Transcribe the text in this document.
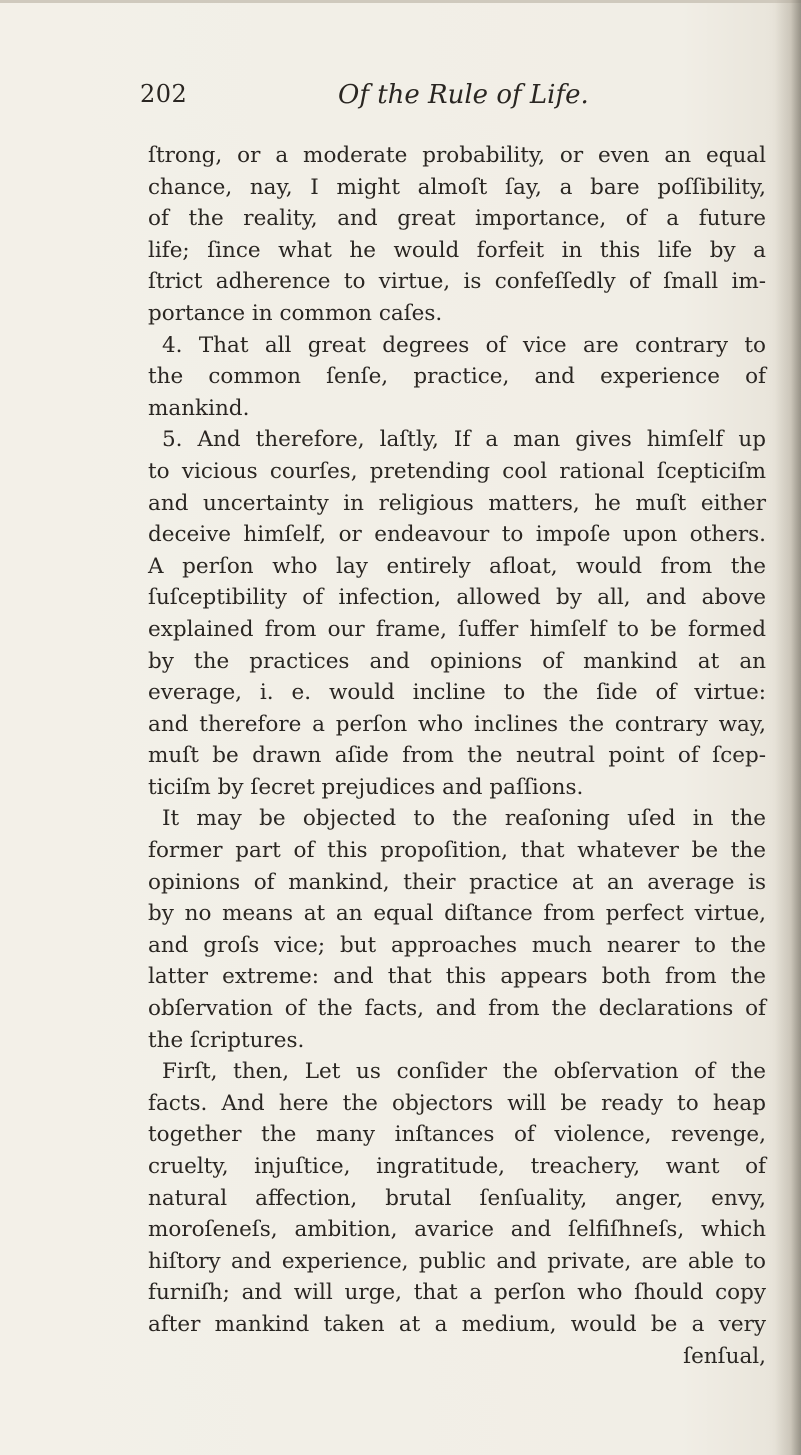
202	Of the Rule of Life.
ſtrong, or a moderate probability, or even an equal
chance, nay, I might almoſt ſay, a bare poſſibility,
of the reality, and great importance, of a future
life; ſince what he would forfeit in this life by a
ſtrict adherence to virtue, is confeſſedly of ſmall im-
portance in common caſes.
4. That all great degrees of vice are contrary to
the common ſenſe, practice, and experience of
mankind.
5. And therefore, laſtly, If a man gives himſelf up
to vicious courſes, pretending cool rational ſcepticiſm
and uncertainty in religious matters, he muſt either
deceive himſelf, or endeavour to impoſe upon others.
A perſon who lay entirely afloat, would from the
ſuſceptibility of infection, allowed by all, and above
explained from our frame, ſuffer himſelf to be formed
by the practices and opinions of mankind at an
everage, i. e. would incline to the ſide of virtue:
and therefore a perſon who inclines the contrary way,
muſt be drawn aſide from the neutral point of ſcep-
ticiſm by ſecret prejudices and paſſions.
It may be objected to the reaſoning uſed in the
former part of this propoſition, that whatever be the
opinions of mankind, their practice at an average is
by no means at an equal diſtance from perfect virtue,
and groſs vice; but approaches much nearer to the
latter extreme: and that this appears both from the
obſervation of the facts, and from the declarations of
the ſcriptures.
Firſt, then, Let us conſider the obſervation of the
facts. And here the objectors will be ready to heap
together the many inſtances of violence, revenge,
cruelty, injuſtice, ingratitude, treachery, want of
natural affection, brutal ſenſuality, anger, envy,
moroſeneſs, ambition, avarice and ſelfiſhneſs, which
hiſtory and experience, public and private, are able to
furniſh; and will urge, that a perſon who ſhould copy
after mankind taken at a medium, would be a very
ſenſual,
